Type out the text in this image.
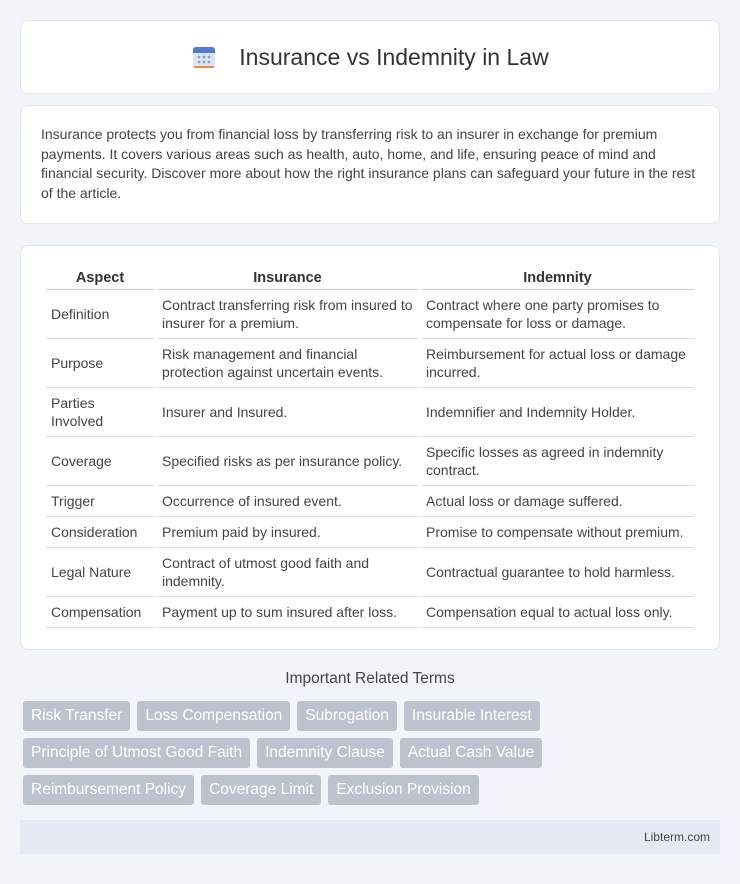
Insurance vs Indemnity in Law

Insurance protects you from financial loss by transferring risk to an insurer in exchange for premium payments. It covers various areas such as health, auto, home, and life, ensuring peace of mind and financial security. Discover more about how the right insurance plans can safeguard your future in the rest of the article.

Aspect	Insurance	Indemnity
Definition	Contract transferring risk from insured to insurer for a premium.	Contract where one party promises to compensate for loss or damage.
Purpose	Risk management and financial protection against uncertain events.	Reimbursement for actual loss or damage incurred.
Parties Involved	Insurer and Insured.	Indemnifier and Indemnity Holder.
Coverage	Specified risks as per insurance policy.	Specific losses as agreed in indemnity contract.
Trigger	Occurrence of insured event.	Actual loss or damage suffered.
Consideration	Premium paid by insured.	Promise to compensate without premium.
Legal Nature	Contract of utmost good faith and indemnity.	Contractual guarantee to hold harmless.
Compensation	Payment up to sum insured after loss.	Compensation equal to actual loss only.
Important Related Terms
Risk Transfer	Loss Compensation	Subrogation	Insurable Interest
Principle of Utmost Good Faith	Indemnity Clause	Actual Cash Value
Reimbursement Policy	Coverage Limit	Exclusion Provision
Libterm.com
